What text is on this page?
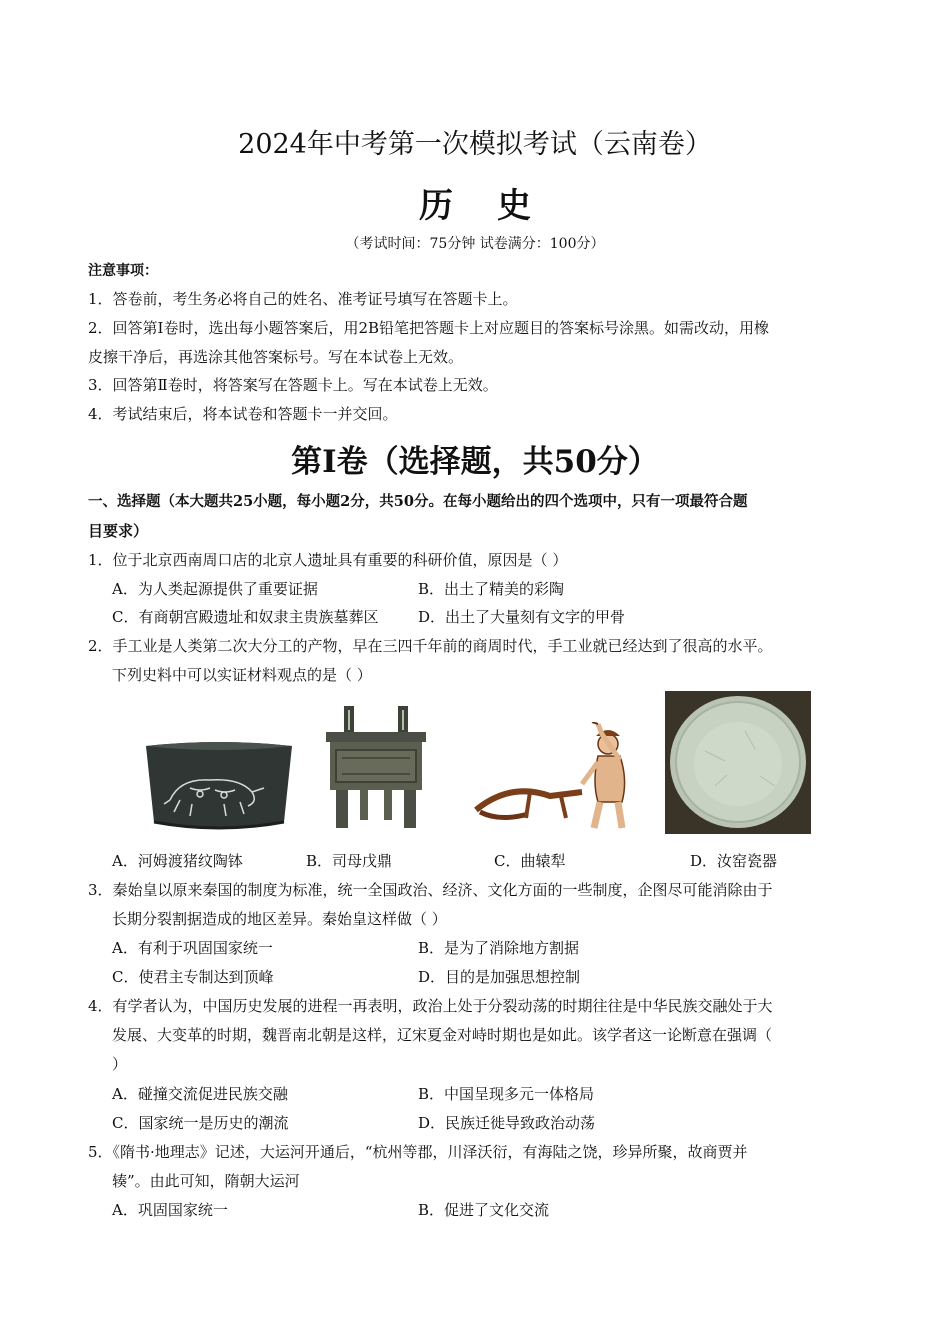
2024年中考第一次模拟考试（云南卷）
历史
（考试时间：75分钟 试卷满分：100分）
注意事项：
1．答卷前，考生务必将自己的姓名、准考证号填写在答题卡上。
2．回答第Ⅰ卷时，选出每小题答案后，用2B铅笔把答题卡上对应题目的答案标号涂黑。如需改动，用橡
皮擦干净后，再选涂其他答案标号。写在本试卷上无效。
3．回答第Ⅱ卷时，将答案写在答题卡上。写在本试卷上无效。
4．考试结束后，将本试卷和答题卡一并交回。
第Ⅰ卷（选择题，共50分）
一、选择题（本大题共25小题，每小题2分，共50分。在每小题给出的四个选项中，只有一项最符合题
目要求）
1．位于北京西南周口店的北京人遗址具有重要的科研价值，原因是（ ）
A．为人类起源提供了重要证据	B．出土了精美的彩陶
C．有商朝宫殿遗址和奴隶主贵族墓葬区	D．出土了大量刻有文字的甲骨
2．手工业是人类第二次大分工的产物，早在三四千年前的商周时代，手工业就已经达到了很高的水平。
下列史料中可以实证材料观点的是（ ）
A．河姆渡猪纹陶钵	B．司母戊鼎	C．曲辕犁	D．汝窑瓷器
3．秦始皇以原来秦国的制度为标准，统一全国政治、经济、文化方面的一些制度，企图尽可能消除由于
长期分裂割据造成的地区差异。秦始皇这样做（ ）
A．有利于巩固国家统一	B．是为了消除地方割据
C．使君主专制达到顶峰	D．目的是加强思想控制
4．有学者认为，中国历史发展的进程一再表明，政治上处于分裂动荡的时期往往是中华民族交融处于大
发展、大变革的时期，魏晋南北朝是这样，辽宋夏金对峙时期也是如此。该学者这一论断意在强调（
）
A．碰撞交流促进民族交融	B．中国呈现多元一体格局
C．国家统一是历史的潮流	D．民族迁徙导致政治动荡
5．《隋书·地理志》记述，大运河开通后，“杭州等郡，川泽沃衍，有海陆之饶，珍异所聚，故商贾并
辏”。由此可知，隋朝大运河
A．巩固国家统一	B．促进了文化交流
